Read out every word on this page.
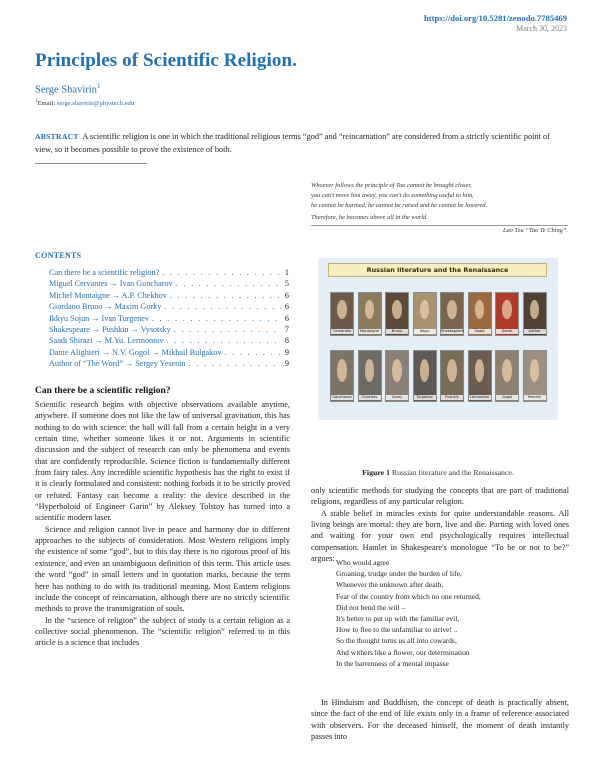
https://doi.org/10.5281/zenodo.7785469
March 30, 2023
Principles of Scientific Religion.
Serge Shavirin$^1$
$^1$Email: serge.shavirin@phystech.edu
ABSTRACT A scientific religion is one in which the traditional religious terms “god” and “reincarnation” are considered from a strictly scientific point of view, so it becomes possible to prove the existence of both.

Whoever follows the principle of Tao cannot be brought closer,
you can't move him away, you can't do something useful to him,
he cannot be harmed, he cannot be raised and he cannot be lowered.

Therefore, he becomes above all in the world.

Lao Tzu “Tao Te Ching”.
CONTENTS
Can there be a scientific religion? . . .	1
Miguel Cervantes → Ivan Goncharov . . .	5
Michel Montaigne → A.P. Chekhov . . .	6
Giordano Bruno → Maxim Gorky . . .	6
Ikkyu Sojun → Ivan Turgenev . . .	6
Shakespeare → Pushkin → Vysotsky . . .	7
Saadi Shirazi → M.Yu. Lermontov . . .	8
Dante Alighieri → N.V. Gogol → Mikhail Bulgakov . . .	9
Author of “The Word” → Sergey Yesenin . . .	9
Can there be a scientific religion?

Scientific research begins with objective observations available anytime, anywhere. If someone does not like the law of universal gravitation, this has nothing to do with science: the ball will fall from a certain height in a very certain time, whether someone likes it or not. Arguments in scientific discussion and the subject of research can only be phenomena and events that are confidently reproducible. Science fiction is fundamentally different from fairy tales. Any incredible scientific hypothesis has the right to exist if it is clearly formulated and consistent: nothing forbids it to be strictly proved or refuted. Fantasy can become a reality: the device described in the “Hyperboloid of Engineer Garin” by Aleksey Tolstoy has turned into a scientific modern laser.

Science and religion cannot live in peace and harmony due to different approaches to the subjects of consideration. Most Western religions imply the existence of some “god”, but to this day there is no rigorous proof of his existence, and even an unambiguous definition of this term. This article uses the word “god” in small letters and in quotation marks, because the term here has nothing to do with its traditional meaning. Most Eastern religions include the concept of reincarnation, although there are no strictly scientific methods to prove the transmigration of souls.

In the “science of religion” the subject of study is a certain religion as a collective social phenomenon. The “scientific religion” referred to in this article is a science that includes

Russian literature and the Renaissance
Cervantes	Montaigne	Bruno	Ikkyu	Shakespeare	Saadi	Dante	Author
Goncharov	Chekhov	Gorky	Turgenev	Pushkin	Lermontov	Gogol	Yesenin
Figure 1 Russian literature and the Renaissance.

only scientific methods for studying the concepts that are part of traditional religions, regardless of any particular religion.

A stable belief in miracles exists for quite understandable reasons. All living beings are mortal: they are born, live and die. Parting with loved ones and waiting for your own end psychologically requires intellectual compensation. Hamlet in Shakespeare's monologue “To be or not to be?” argues: Who would agree
Groaning, trudge under the burden of life,
Whenever the unknown after death,
Fear of the country from which no one returned,
Did not bend the will –
It's better to put up with the familiar evil,
How to flee to the unfamiliar to strive! ..
So the thought turns us all into cowards,
And withers like a flower, our determination
In the barrenness of a mental impasse
In Hinduism and Buddhism, the concept of death is practically absent, since the fact of the end of life exists only in a frame of reference associated with observers. For the deceased himself, the moment of death instantly passes into
